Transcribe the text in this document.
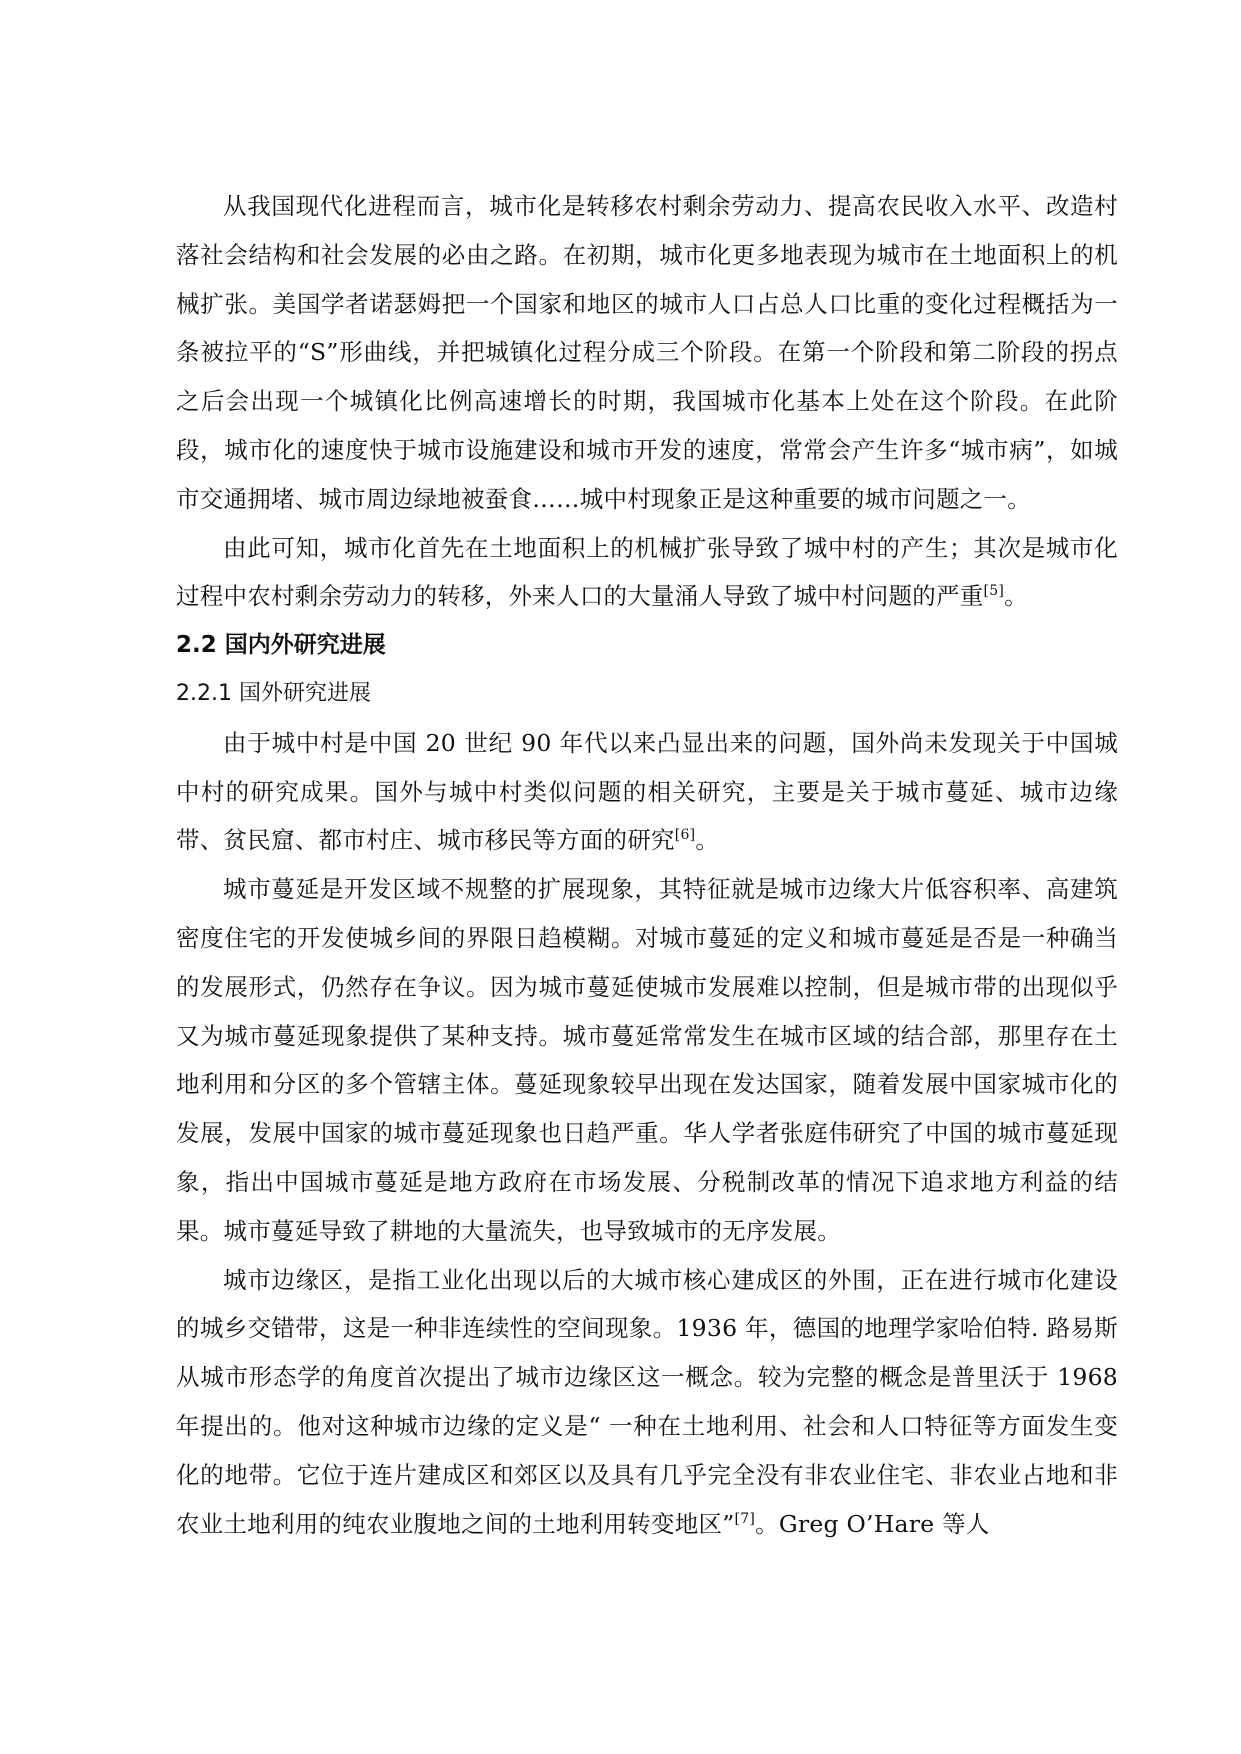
从我国现代化进程而言，城市化是转移农村剩余劳动力、提高农民收入水平、改造村落社会结构和社会发展的必由之路。在初期，城市化更多地表现为城市在土地面积上的机械扩张。美国学者诺瑟姆把一个国家和地区的城市人口占总人口比重的变化过程概括为一条被拉平的“S”形曲线，并把城镇化过程分成三个阶段。在第一个阶段和第二阶段的拐点之后会出现一个城镇化比例高速增长的时期，我国城市化基本上处在这个阶段。在此阶段，城市化的速度快于城市设施建设和城市开发的速度，常常会产生许多“城市病”，如城市交通拥堵、城市周边绿地被蚕食……城中村现象正是这种重要的城市问题之一。

由此可知，城市化首先在土地面积上的机械扩张导致了城中村的产生；其次是城市化过程中农村剩余劳动力的转移，外来人口的大量涌人导致了城中村问题的严重[5]。

2.2 国内外研究进展

2.2.1 国外研究进展

由于城中村是中国 20 世纪 90 年代以来凸显出来的问题，国外尚未发现关于中国城中村的研究成果。国外与城中村类似问题的相关研究，主要是关于城市蔓延、城市边缘带、贫民窟、都市村庄、城市移民等方面的研究[6]。

城市蔓延是开发区域不规整的扩展现象，其特征就是城市边缘大片低容积率、高建筑密度住宅的开发使城乡间的界限日趋模糊。对城市蔓延的定义和城市蔓延是否是一种确当的发展形式，仍然存在争议。因为城市蔓延使城市发展难以控制，但是城市带的出现似乎又为城市蔓延现象提供了某种支持。城市蔓延常常发生在城市区域的结合部，那里存在土地利用和分区的多个管辖主体。蔓延现象较早出现在发达国家，随着发展中国家城市化的发展，发展中国家的城市蔓延现象也日趋严重。华人学者张庭伟研究了中国的城市蔓延现象，指出中国城市蔓延是地方政府在市场发展、分税制改革的情况下追求地方利益的结果。城市蔓延导致了耕地的大量流失，也导致城市的无序发展。

城市边缘区，是指工业化出现以后的大城市核心建成区的外围，正在进行城市化建设的城乡交错带，这是一种非连续性的空间现象。1936 年，德国的地理学家哈伯特. 路易斯从城市形态学的角度首次提出了城市边缘区这一概念。较为完整的概念是普里沃于 1968 年提出的。他对这种城市边缘的定义是“ 一种在土地利用、社会和人口特征等方面发生变化的地带。它位于连片建成区和郊区以及具有几乎完全没有非农业住宅、非农业占地和非农业土地利用的纯农业腹地之间的土地利用转变地区”[7]。Greg O’Hare 等人
